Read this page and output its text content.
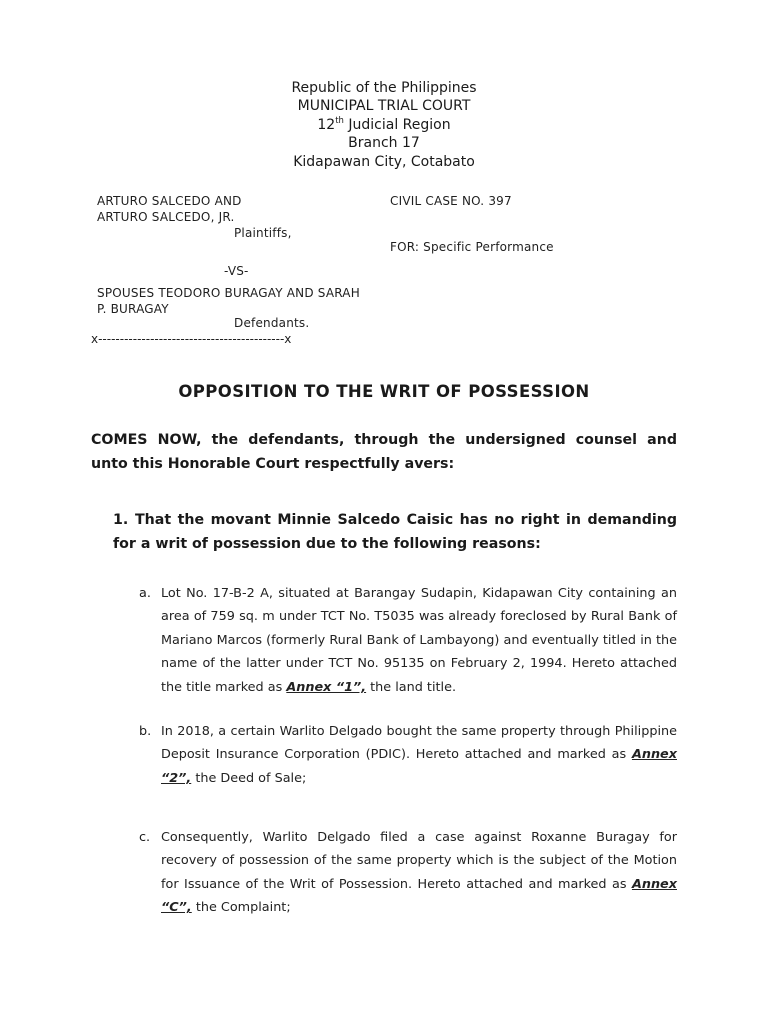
Republic of the Philippines
MUNICIPAL TRIAL COURT
12th Judicial Region
Branch 17
Kidapawan City, Cotabato
ARTURO SALCEDO AND
ARTURO SALCEDO, JR.
Plaintiffs,
-VS-
SPOUSES TEODORO BURAGAY AND SARAH
P. BURAGAY
Defendants.
x-------------------------------------------x
CIVIL CASE NO. 397
FOR: Specific Performance
OPPOSITION TO THE WRIT OF POSSESSION
COMES NOW, the defendants, through the undersigned counsel and unto this Honorable Court respectfully avers:
1. That the movant Minnie Salcedo Caisic has no right in demanding for a writ of possession due to the following reasons:
a. Lot No. 17-B-2 A, situated at Barangay Sudapin, Kidapawan City containing an area of 759 sq. m under TCT No. T5035 was already foreclosed by Rural Bank of Mariano Marcos (formerly Rural Bank of Lambayong) and eventually titled in the name of the latter under TCT No. 95135 on February 2, 1994. Hereto attached the title marked as Annex “1”, the land title.
b. In 2018, a certain Warlito Delgado bought the same property through Philippine Deposit Insurance Corporation (PDIC). Hereto attached and marked as Annex “2”, the Deed of Sale;
c. Consequently, Warlito Delgado filed a case against Roxanne Buragay for recovery of possession of the same property which is the subject of the Motion for Issuance of the Writ of Possession. Hereto attached and marked as Annex “C”, the Complaint;
